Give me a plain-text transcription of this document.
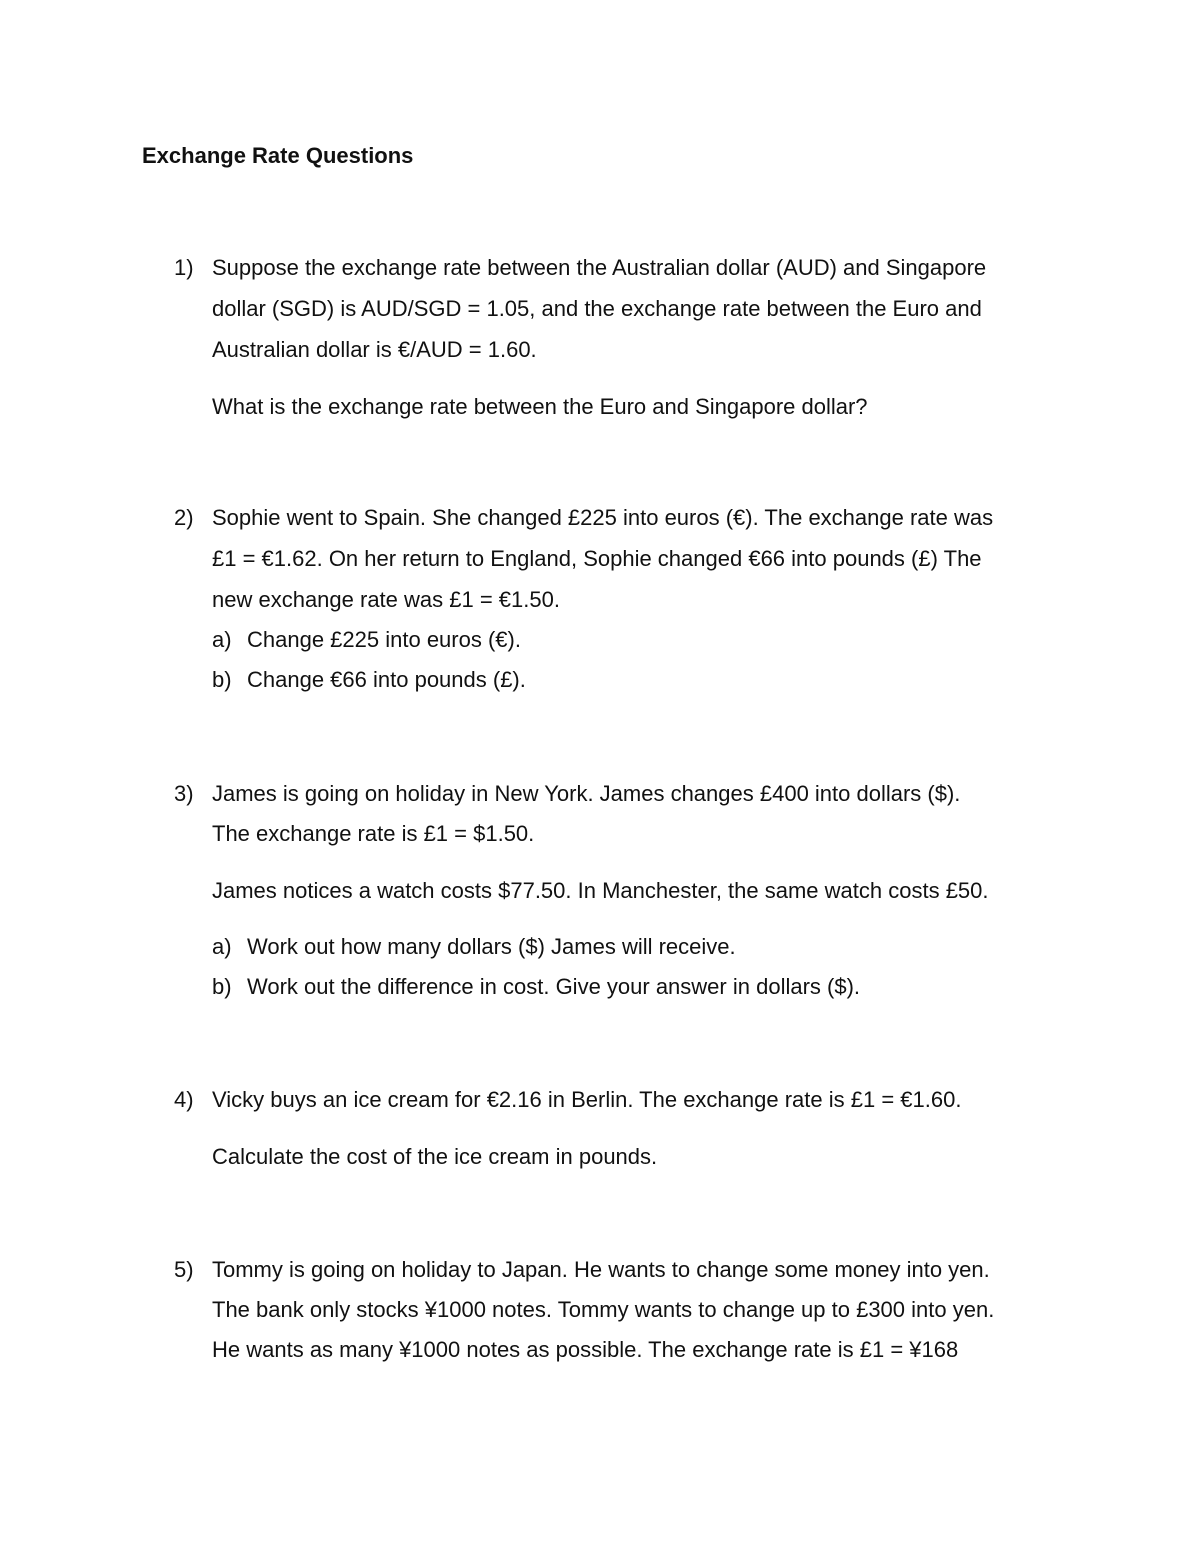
Exchange Rate Questions
1) Suppose the exchange rate between the Australian dollar (AUD) and Singapore
dollar (SGD) is AUD/SGD = 1.05, and the exchange rate between the Euro and
Australian dollar is €/AUD = 1.60.
What is the exchange rate between the Euro and Singapore dollar?
2) Sophie went to Spain. She changed £225 into euros (€). The exchange rate was
£1 = €1.62. On her return to England, Sophie changed €66 into pounds (£) The
new exchange rate was £1 = €1.50.
a) Change £225 into euros (€).
b) Change €66 into pounds (£).
3) James is going on holiday in New York. James changes £400 into dollars ($).
The exchange rate is £1 = $1.50.
James notices a watch costs $77.50. In Manchester, the same watch costs £50.
a) Work out how many dollars ($) James will receive.
b) Work out the difference in cost. Give your answer in dollars ($).
4) Vicky buys an ice cream for €2.16 in Berlin. The exchange rate is £1 = €1.60.
Calculate the cost of the ice cream in pounds.
5) Tommy is going on holiday to Japan. He wants to change some money into yen.
The bank only stocks ¥1000 notes. Tommy wants to change up to £300 into yen.
He wants as many ¥1000 notes as possible. The exchange rate is £1 = ¥168
